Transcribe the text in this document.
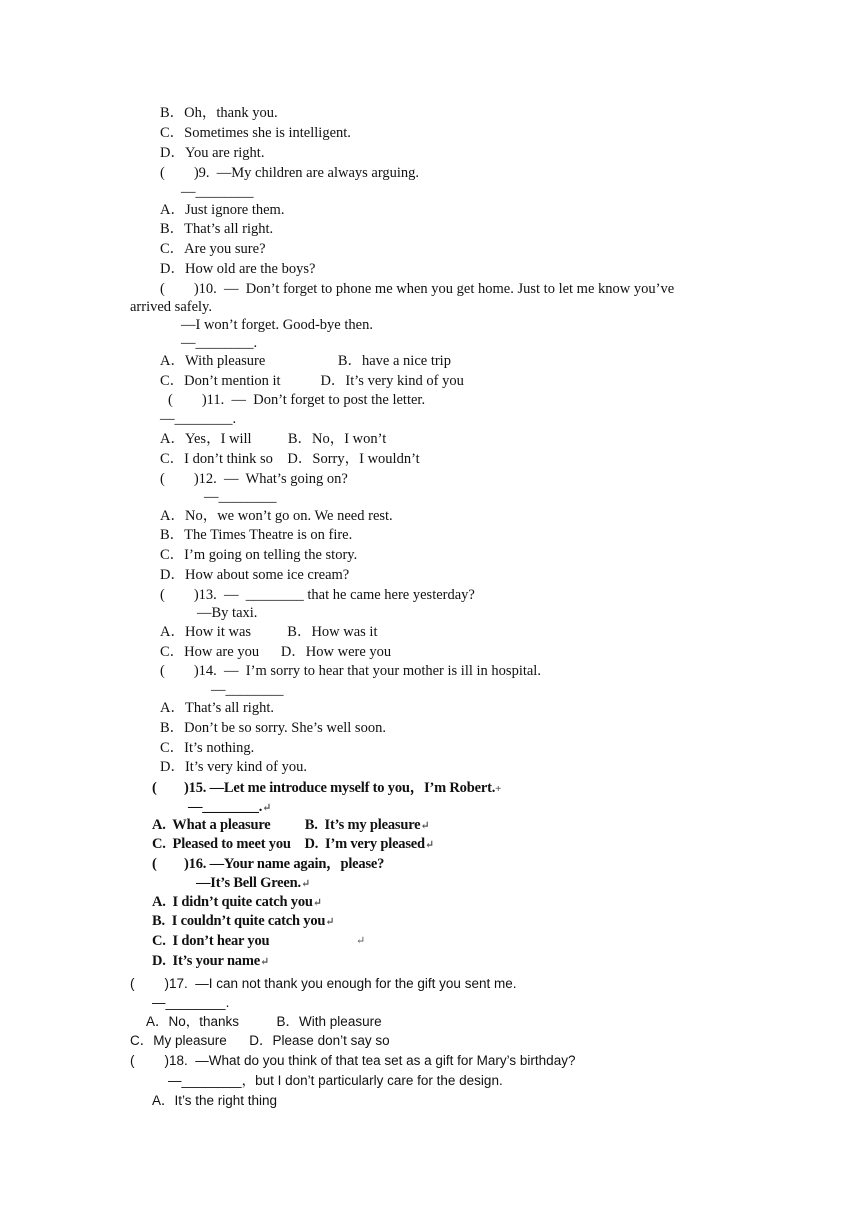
B．Oh，thank you.
C．Sometimes she is intelligent.
D．You are right.
(        )9.  —My children are always arguing.
—________
A．Just ignore them.
B．That’s all right.
C．Are you sure?
D．How old are the boys?
(        )10.  —  Don’t forget to phone me when you get home. Just to let me know you’ve
arrived safely.
—I won’t forget. Good-bye then.
—________.
A．With pleasure                    B．have a nice trip
C．Don’t mention it           D．It’s very kind of you
(        )11.  —  Don’t forget to post the letter.
—________.
A．Yes，I will          B．No，I won’t
C．I don’t think so    D．Sorry，I wouldn’t
(        )12.  —  What’s going on?
—________
A．No，we won’t go on. We need rest.
B．The Times Theatre is on fire.
C．I’m going on telling the story.
D．How about some ice cream?
(        )13.  —  ________ that he came here yesterday?
—By taxi.
A．How it was          B．How was it
C．How are you      D．How were you
(        )14.  —  I’m sorry to hear that your mother is ill in hospital.
—________
A．That’s all right.
B．Don’t be so sorry. She’s well soon.
C．It’s nothing.
D．It’s very kind of you.
(        )15. —Let me introduce myself to you，I’m Robert.+
—________.↵
A.  What a pleasure          B.  It’s my pleasure↵
C.  Pleased to meet you    D.  I’m very pleased↵
(        )16. —Your name again，please?
—It’s Bell Green.↵
A.  I didn’t quite catch you↵
B.  I couldn’t quite catch you↵
C.  I don’t hear you
D.  It’s your name↵
↵
(        )17.  —I can not thank you enough for the gift you sent me.
—________.
A．No，thanks          B．With pleasure
C．My pleasure      D．Please don’t say so
(        )18.  —What do you think of that tea set as a gift for Mary’s birthday?
—________，but I don’t particularly care for the design.
A．It’s the right thing
